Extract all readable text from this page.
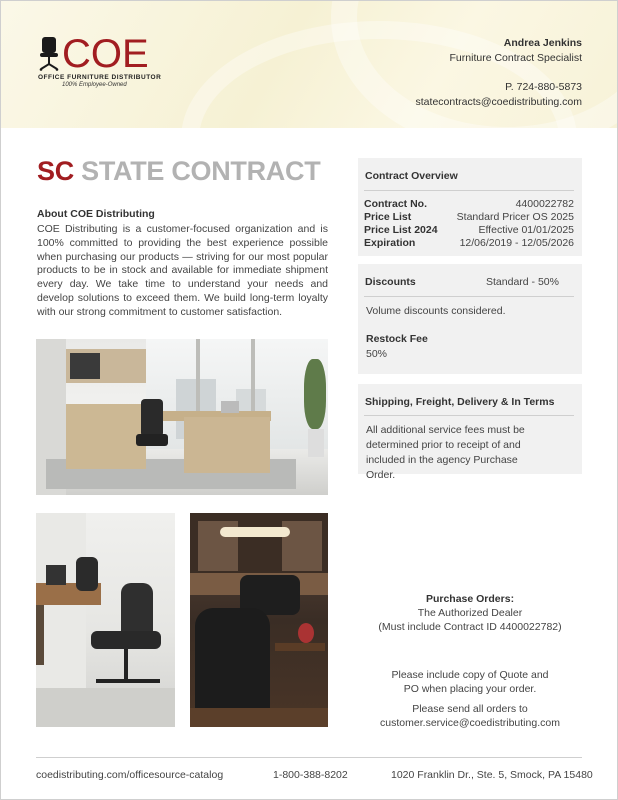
COE
OFFICE FURNITURE DISTRIBUTOR
100% Employee-Owned
Andrea Jenkins
Furniture Contract Specialist
P. 724-880-5873
statecontracts@coedistributing.com
SC STATE CONTRACT
About COE Distributing
COE Distributing is a customer-focused organization and is 100% committed to providing the best experience possible when purchasing our products — striving for our most popular products to be in stock and available for immediate shipment every day. We take time to understand your needs and develop solutions to exceed them. We build long-term loyalty with our strong commitment to customer satisfaction.
Contract Overview
Contract No.	4400022782
Price List	Standard Pricer OS 2025
Price List 2024	Effective 01/01/2025
Expiration	12/06/2019 - 12/05/2026
Discounts	Standard - 50%
Volume discounts considered.
Restock Fee
50%
Shipping, Freight, Delivery & In Terms
All additional service fees must be determined prior to receipt of and included in the agency Purchase Order.
Purchase Orders:
The Authorized Dealer
(Must include Contract ID 4400022782)
Please include copy of Quote and
PO when placing your order.
Please send all orders to
customer.service@coedistributing.com
coedistributing.com/officesource-catalog	1-800-388-8202	1020 Franklin Dr., Ste. 5, Smock, PA 15480
